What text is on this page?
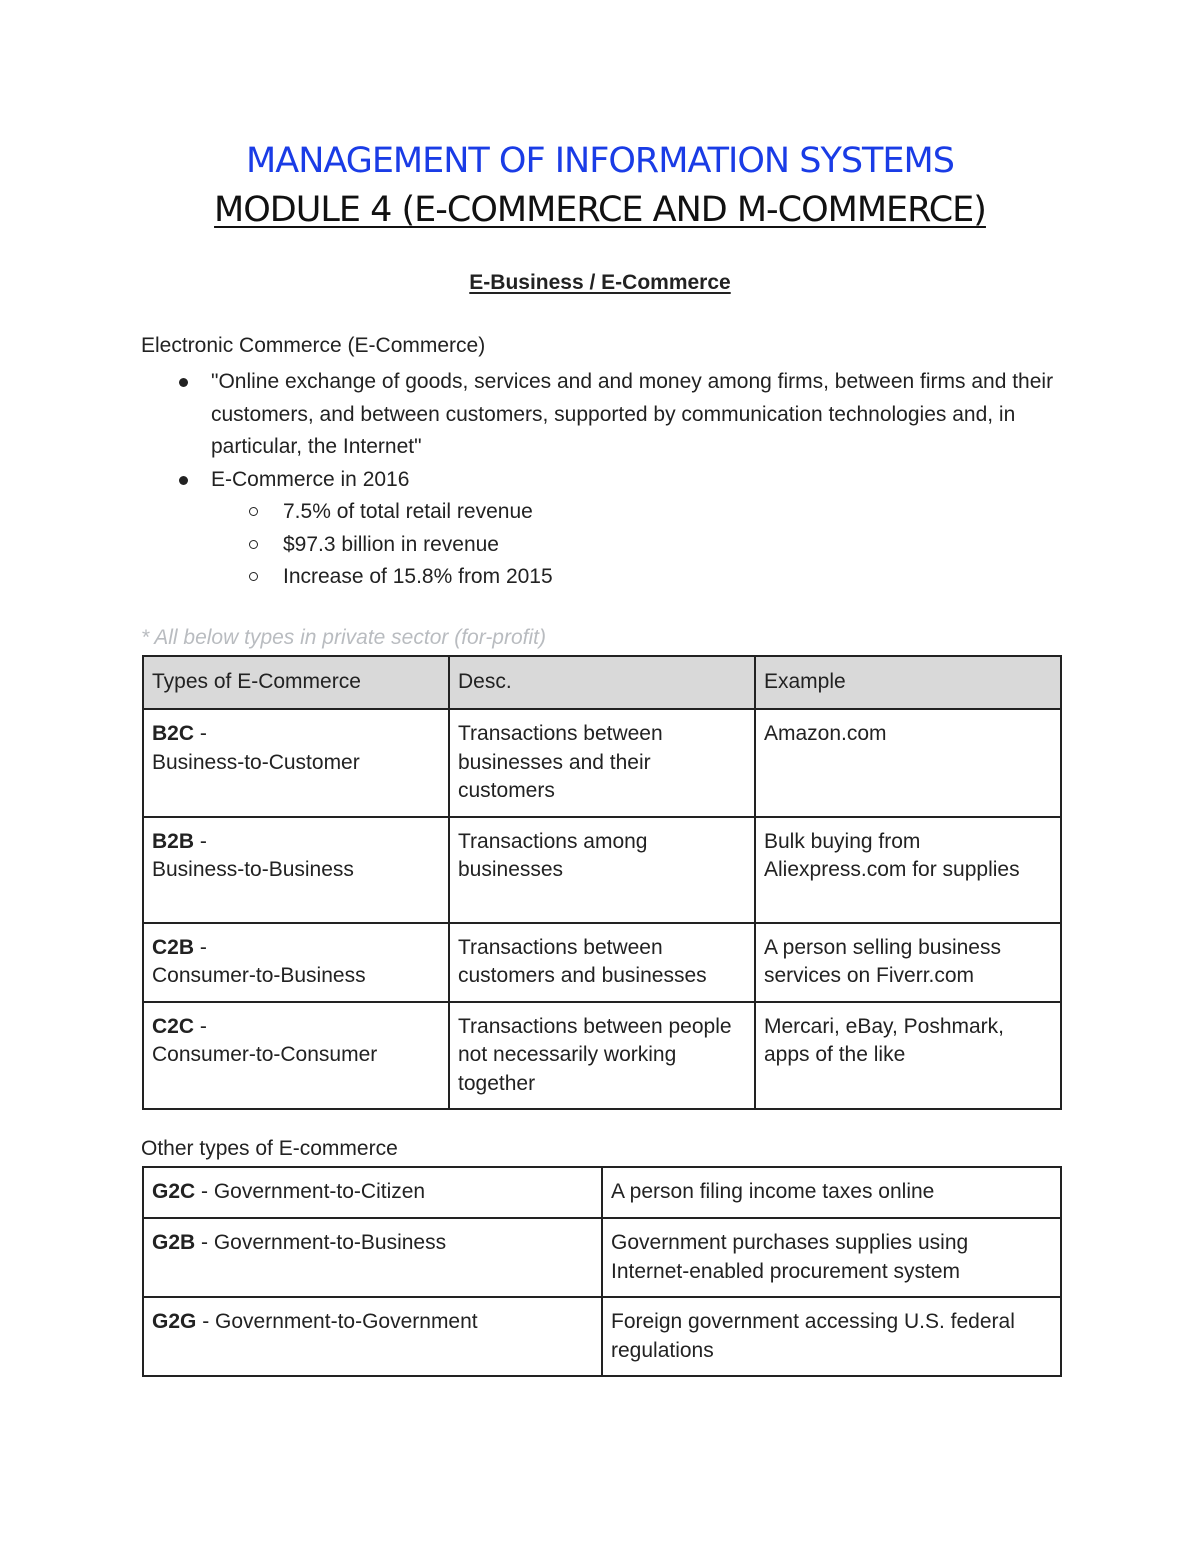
MANAGEMENT OF INFORMATION SYSTEMS
MODULE 4 (E-COMMERCE AND M-COMMERCE)
E-Business / E-Commerce
Electronic Commerce (E-Commerce)
"Online exchange of goods, services and and money among firms, between firms and their customers, and between customers, supported by communication technologies and, in particular, the Internet"
E-Commerce in 2016
7.5% of total retail revenue
$97.3 billion in revenue
Increase of 15.8% from 2015
* All below types in private sector (for-profit)
Types of E-Commerce	Desc.	Example
B2C -
Business-to-Customer	Transactions between businesses and their customers	Amazon.com
B2B -
Business-to-Business	Transactions among businesses	Bulk buying from Aliexpress.com for supplies
C2B -
Consumer-to-Business	Transactions between customers and businesses	A person selling business services on Fiverr.com
C2C -
Consumer-to-Consumer	Transactions between people not necessarily working together	Mercari, eBay, Poshmark, apps of the like
Other types of E-commerce
G2C - Government-to-Citizen	A person filing income taxes online
G2B - Government-to-Business	Government purchases supplies using Internet-enabled procurement system
G2G - Government-to-Government	Foreign government accessing U.S. federal regulations
